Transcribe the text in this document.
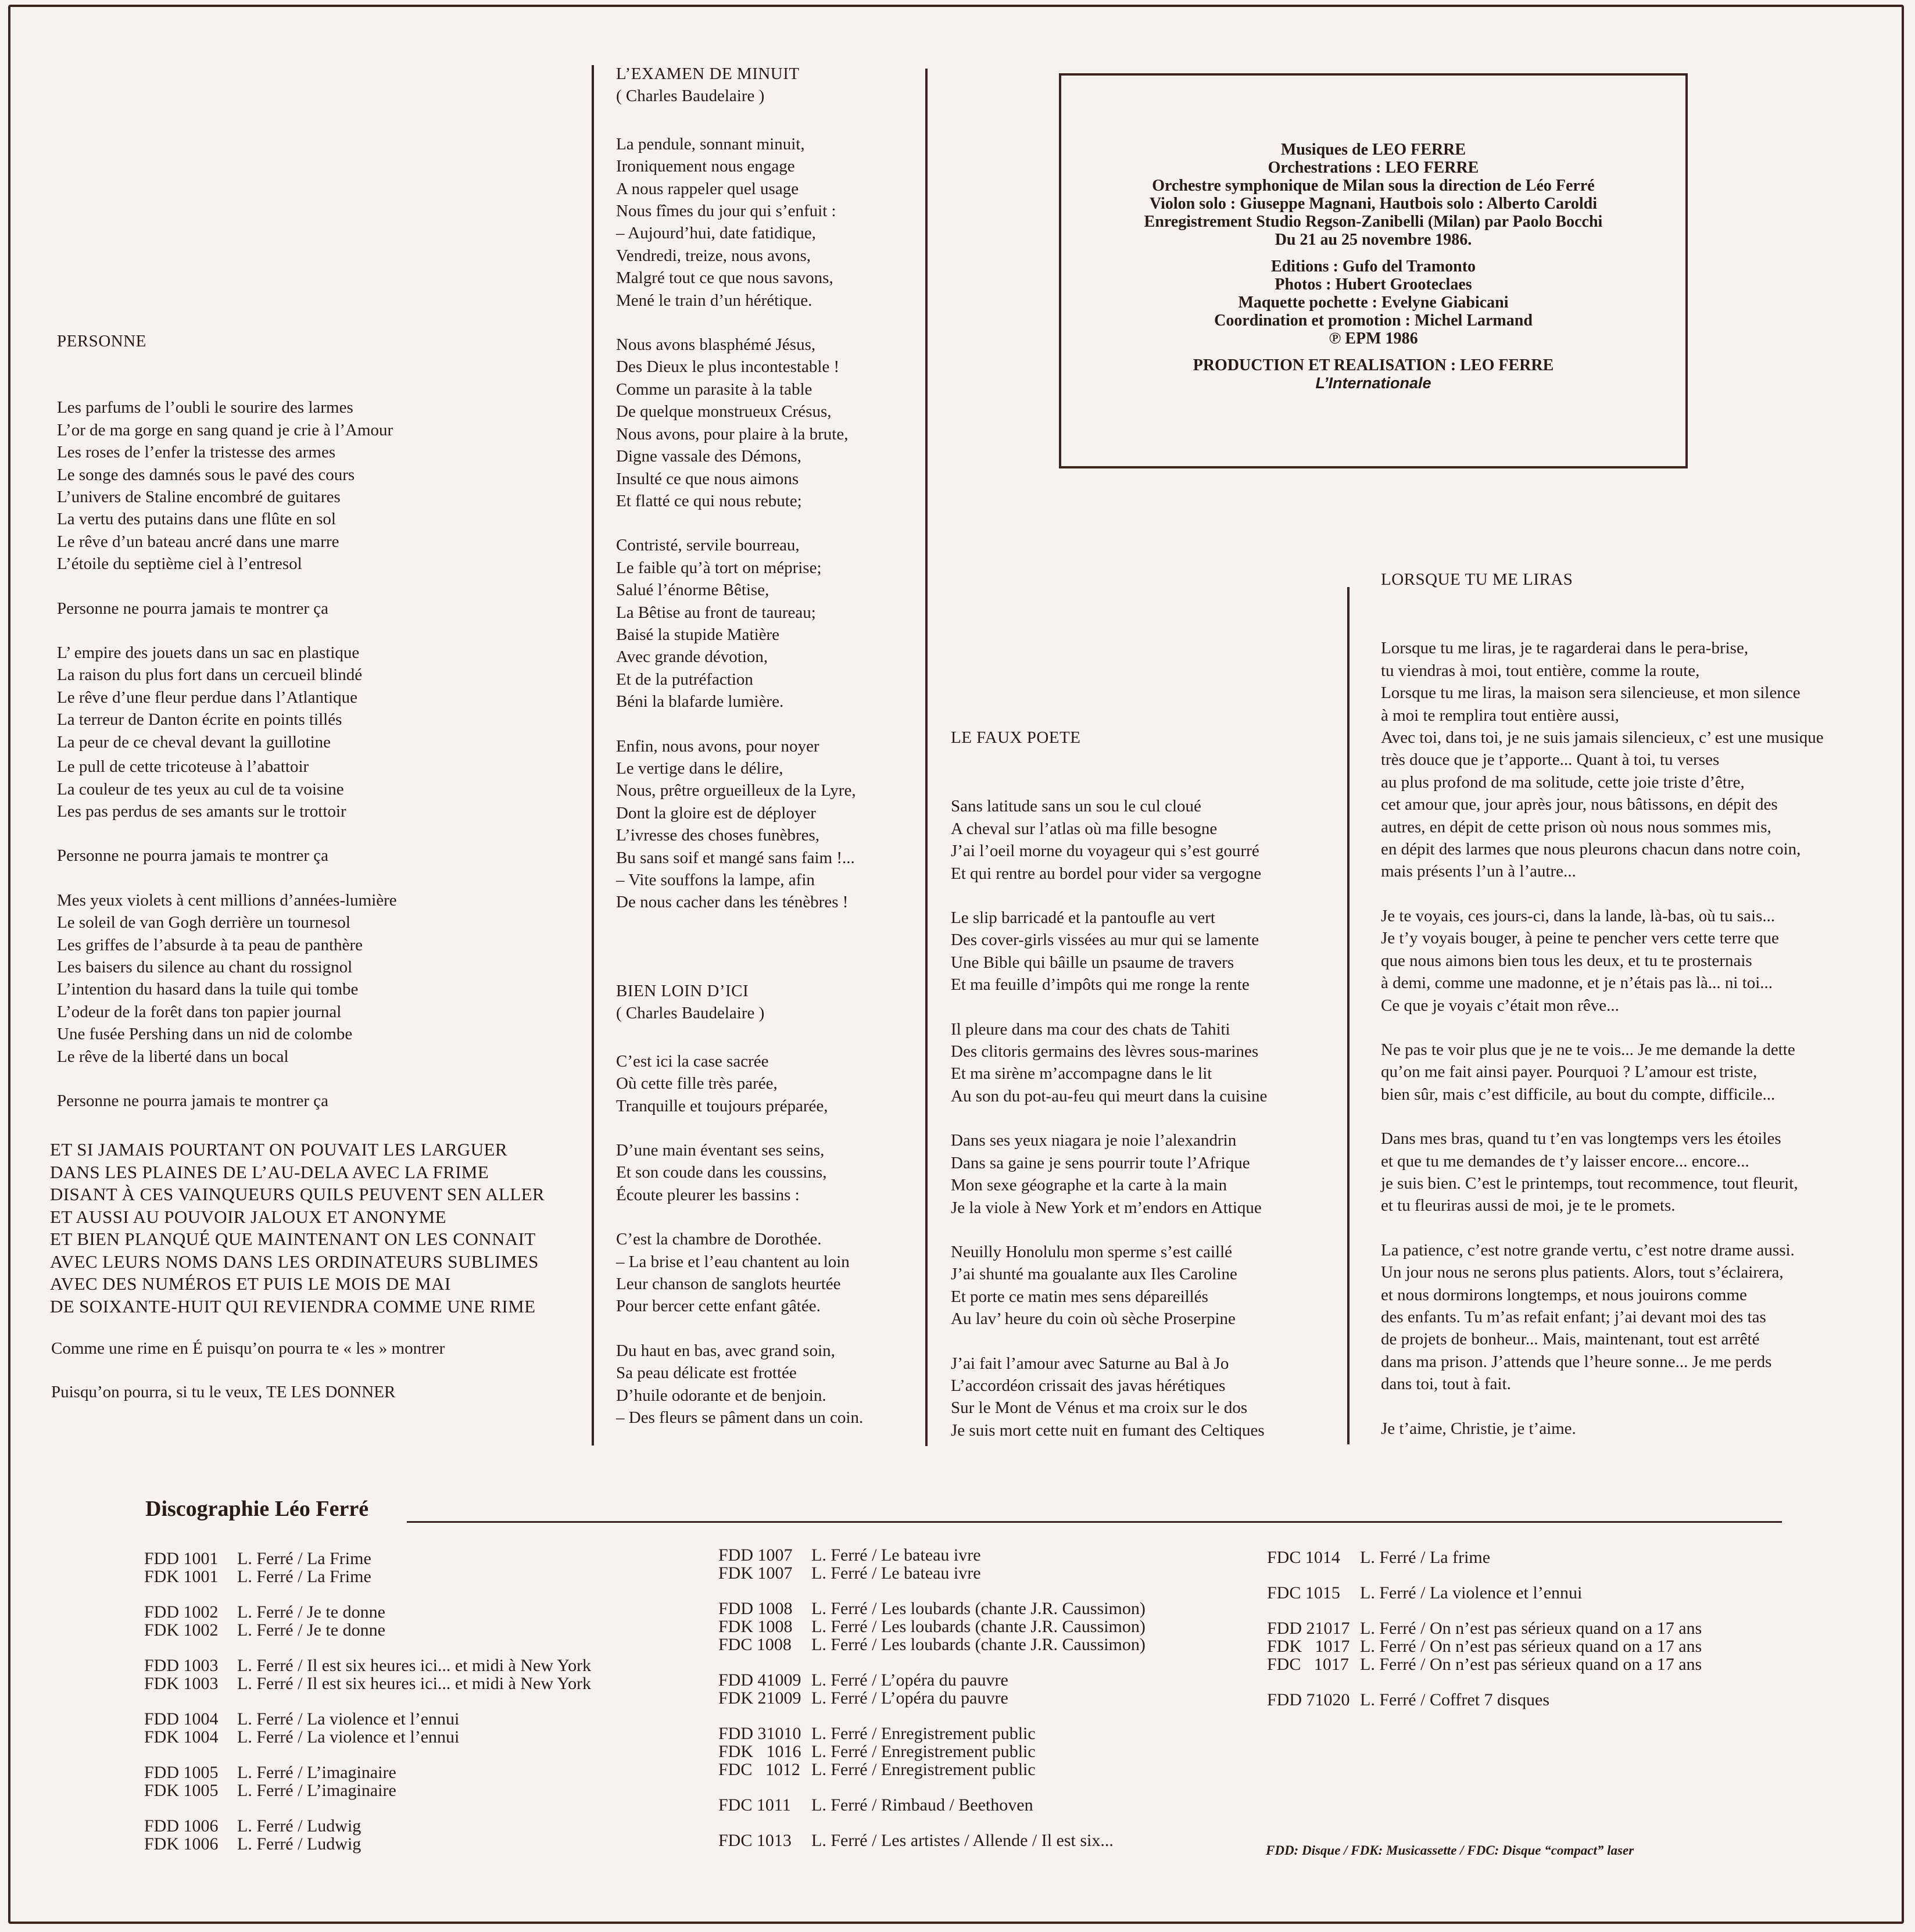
PERSONNE
Les parfums de l’oubli le sourire des larmes
L’or de ma gorge en sang quand je crie à l’Amour
Les roses de l’enfer la tristesse des armes
Le songe des damnés sous le pavé des cours
L’univers de Staline encombré de guitares
La vertu des putains dans une flûte en sol
Le rêve d’un bateau ancré dans une marre
L’étoile du septième ciel à l’entresol
Personne ne pourra jamais te montrer ça
L’ empire des jouets dans un sac en plastique
La raison du plus fort dans un cercueil blindé
Le rêve d’une fleur perdue dans l’Atlantique
La terreur de Danton écrite en points tillés
La peur de ce cheval devant la guillotine
Le pull de cette tricoteuse à l’abattoir
La couleur de tes yeux au cul de ta voisine
Les pas perdus de ses amants sur le trottoir
Personne ne pourra jamais te montrer ça
Mes yeux violets à cent millions d’années-lumière
Le soleil de van Gogh derrière un tournesol
Les griffes de l’absurde à ta peau de panthère
Les baisers du silence au chant du rossignol
L’intention du hasard dans la tuile qui tombe
L’odeur de la forêt dans ton papier journal
Une fusée Pershing dans un nid de colombe
Le rêve de la liberté dans un bocal
Personne ne pourra jamais te montrer ça
ET SI JAMAIS POURTANT ON POUVAIT LES LARGUER
DANS LES PLAINES DE L’AU-DELA AVEC LA FRIME
DISANT À CES VAINQUEURS QUILS PEUVENT SEN ALLER
ET AUSSI AU POUVOIR JALOUX ET ANONYME
ET BIEN PLANQUÉ QUE MAINTENANT ON LES CONNAIT
AVEC LEURS NOMS DANS LES ORDINATEURS SUBLIMES
AVEC DES NUMÉROS ET PUIS LE MOIS DE MAI
DE SOIXANTE-HUIT QUI REVIENDRA COMME UNE RIME
Comme une rime en É puisqu’on pourra te « les » montrer
Puisqu’on pourra, si tu le veux, TE LES DONNER
L’EXAMEN DE MINUIT
( Charles Baudelaire )
La pendule, sonnant minuit,
Ironiquement nous engage
A nous rappeler quel usage
Nous fîmes du jour qui s’enfuit :
– Aujourd’hui, date fatidique,
Vendredi, treize, nous avons,
Malgré tout ce que nous savons,
Mené le train d’un hérétique.
Nous avons blasphémé Jésus,
Des Dieux le plus incontestable !
Comme un parasite à la table
De quelque monstrueux Crésus,
Nous avons, pour plaire à la brute,
Digne vassale des Démons,
Insulté ce que nous aimons
Et flatté ce qui nous rebute;
Contristé, servile bourreau,
Le faible qu’à tort on méprise;
Salué l’énorme Bêtise,
La Bêtise au front de taureau;
Baisé la stupide Matière
Avec grande dévotion,
Et de la putréfaction
Béni la blafarde lumière.
Enfin, nous avons, pour noyer
Le vertige dans le délire,
Nous, prêtre orgueilleux de la Lyre,
Dont la gloire est de déployer
L’ivresse des choses funèbres,
Bu sans soif et mangé sans faim !...
– Vite souffons la lampe, afin
De nous cacher dans les ténèbres !
BIEN LOIN D’ICI
( Charles Baudelaire )
C’est ici la case sacrée
Où cette fille très parée,
Tranquille et toujours préparée,
D’une main éventant ses seins,
Et son coude dans les coussins,
Écoute pleurer les bassins :
C’est la chambre de Dorothée.
– La brise et l’eau chantent au loin
Leur chanson de sanglots heurtée
Pour bercer cette enfant gâtée.
Du haut en bas, avec grand soin,
Sa peau délicate est frottée
D’huile odorante et de benjoin.
– Des fleurs se pâment dans un coin.
Musiques de LEO FERRE
Orchestrations : LEO FERRE
Orchestre symphonique de Milan sous la direction de Léo Ferré
Violon solo : Giuseppe Magnani, Hautbois solo : Alberto Caroldi
Enregistrement Studio Regson-Zanibelli (Milan) par Paolo Bocchi
Du 21 au 25 novembre 1986.
Editions : Gufo del Tramonto
Photos : Hubert Grooteclaes
Maquette pochette : Evelyne Giabicani
Coordination et promotion : Michel Larmand
℗ EPM 1986
PRODUCTION ET REALISATION : LEO FERRE
L’Internationale
LE FAUX POETE
Sans latitude sans un sou le cul cloué
A cheval sur l’atlas où ma fille besogne
J’ai l’oeil morne du voyageur qui s’est gourré
Et qui rentre au bordel pour vider sa vergogne
Le slip barricadé et la pantoufle au vert
Des cover-girls vissées au mur qui se lamente
Une Bible qui bâille un psaume de travers
Et ma feuille d’impôts qui me ronge la rente
Il pleure dans ma cour des chats de Tahiti
Des clitoris germains des lèvres sous-marines
Et ma sirène m’accompagne dans le lit
Au son du pot-au-feu qui meurt dans la cuisine
Dans ses yeux niagara je noie l’alexandrin
Dans sa gaine je sens pourrir toute l’Afrique
Mon sexe géographe et la carte à la main
Je la viole à New York et m’endors en Attique
Neuilly Honolulu mon sperme s’est caillé
J’ai shunté ma goualante aux Iles Caroline
Et porte ce matin mes sens dépareillés
Au lav’ heure du coin où sèche Proserpine
J’ai fait l’amour avec Saturne au Bal à Jo
L’accordéon crissait des javas hérétiques
Sur le Mont de Vénus et ma croix sur le dos
Je suis mort cette nuit en fumant des Celtiques
LORSQUE TU ME LIRAS
Lorsque tu me liras, je te ragarderai dans le pera-brise,
tu viendras à moi, tout entière, comme la route,
Lorsque tu me liras, la maison sera silencieuse, et mon silence
à moi te remplira tout entière aussi,
Avec toi, dans toi, je ne suis jamais silencieux, c’ est une musique
très douce que je t’apporte... Quant à toi, tu verses
au plus profond de ma solitude, cette joie triste d’être,
cet amour que, jour après jour, nous bâtissons, en dépit des
autres, en dépit de cette prison où nous nous sommes mis,
en dépit des larmes que nous pleurons chacun dans notre coin,
mais présents l’un à l’autre...
Je te voyais, ces jours-ci, dans la lande, là-bas, où tu sais...
Je t’y voyais bouger, à peine te pencher vers cette terre que
que nous aimons bien tous les deux, et tu te prosternais
à demi, comme une madonne, et je n’étais pas là... ni toi...
Ce que je voyais c’était mon rêve...
Ne pas te voir plus que je ne te vois... Je me demande la dette
qu’on me fait ainsi payer. Pourquoi ? L’amour est triste,
bien sûr, mais c’est difficile, au bout du compte, difficile...
Dans mes bras, quand tu t’en vas longtemps vers les étoiles
et que tu me demandes de t’y laisser encore... encore...
je suis bien. C’est le printemps, tout recommence, tout fleurit,
et tu fleuriras aussi de moi, je te le promets.
La patience, c’est notre grande vertu, c’est notre drame aussi.
Un jour nous ne serons plus patients. Alors, tout s’éclairera,
et nous dormirons longtemps, et nous jouirons comme
des enfants. Tu m’as refait enfant; j’ai devant moi des tas
de projets de bonheur... Mais, maintenant, tout est arrêté
dans ma prison. J’attends que l’heure sonne... Je me perds
dans toi, tout à fait.
Je t’aime, Christie, je t’aime.
Discographie Léo Ferré
FDD 1001	L. Ferré / La Frime
FDK 1001	L. Ferré / La Frime
FDD 1002	L. Ferré / Je te donne
FDK 1002	L. Ferré / Je te donne
FDD 1003	L. Ferré / Il est six heures ici... et midi à New York
FDK 1003	L. Ferré / Il est six heures ici... et midi à New York
FDD 1004	L. Ferré / La violence et l’ennui
FDK 1004	L. Ferré / La violence et l’ennui
FDD 1005	L. Ferré / L’imaginaire
FDK 1005	L. Ferré / L’imaginaire
FDD 1006	L. Ferré / Ludwig
FDK 1006	L. Ferré / Ludwig
FDD 1007	L. Ferré / Le bateau ivre
FDK 1007	L. Ferré / Le bateau ivre
FDD 1008	L. Ferré / Les loubards (chante J.R. Caussimon)
FDK 1008	L. Ferré / Les loubards (chante J.R. Caussimon)
FDC 1008	L. Ferré / Les loubards (chante J.R. Caussimon)
FDD 41009 L. Ferré / L’opéra du pauvre
FDK 21009 L. Ferré / L’opéra du pauvre
FDD 31010 L. Ferré / Enregistrement public
FDK   1016 L. Ferré / Enregistrement public
FDC   1012 L. Ferré / Enregistrement public
FDC 1011	L. Ferré / Rimbaud / Beethoven
FDC 1013	L. Ferré / Les artistes / Allende / Il est six...
FDC 1014	L. Ferré / La frime
FDC 1015	L. Ferré / La violence et l’ennui
FDD 21017 L. Ferré / On n’est pas sérieux quand on a 17 ans
FDK   1017 L. Ferré / On n’est pas sérieux quand on a 17 ans
FDC   1017 L. Ferré / On n’est pas sérieux quand on a 17 ans
FDD 71020 L. Ferré / Coffret 7 disques
FDD: Disque / FDK: Musicassette / FDC: Disque “compact” laser
